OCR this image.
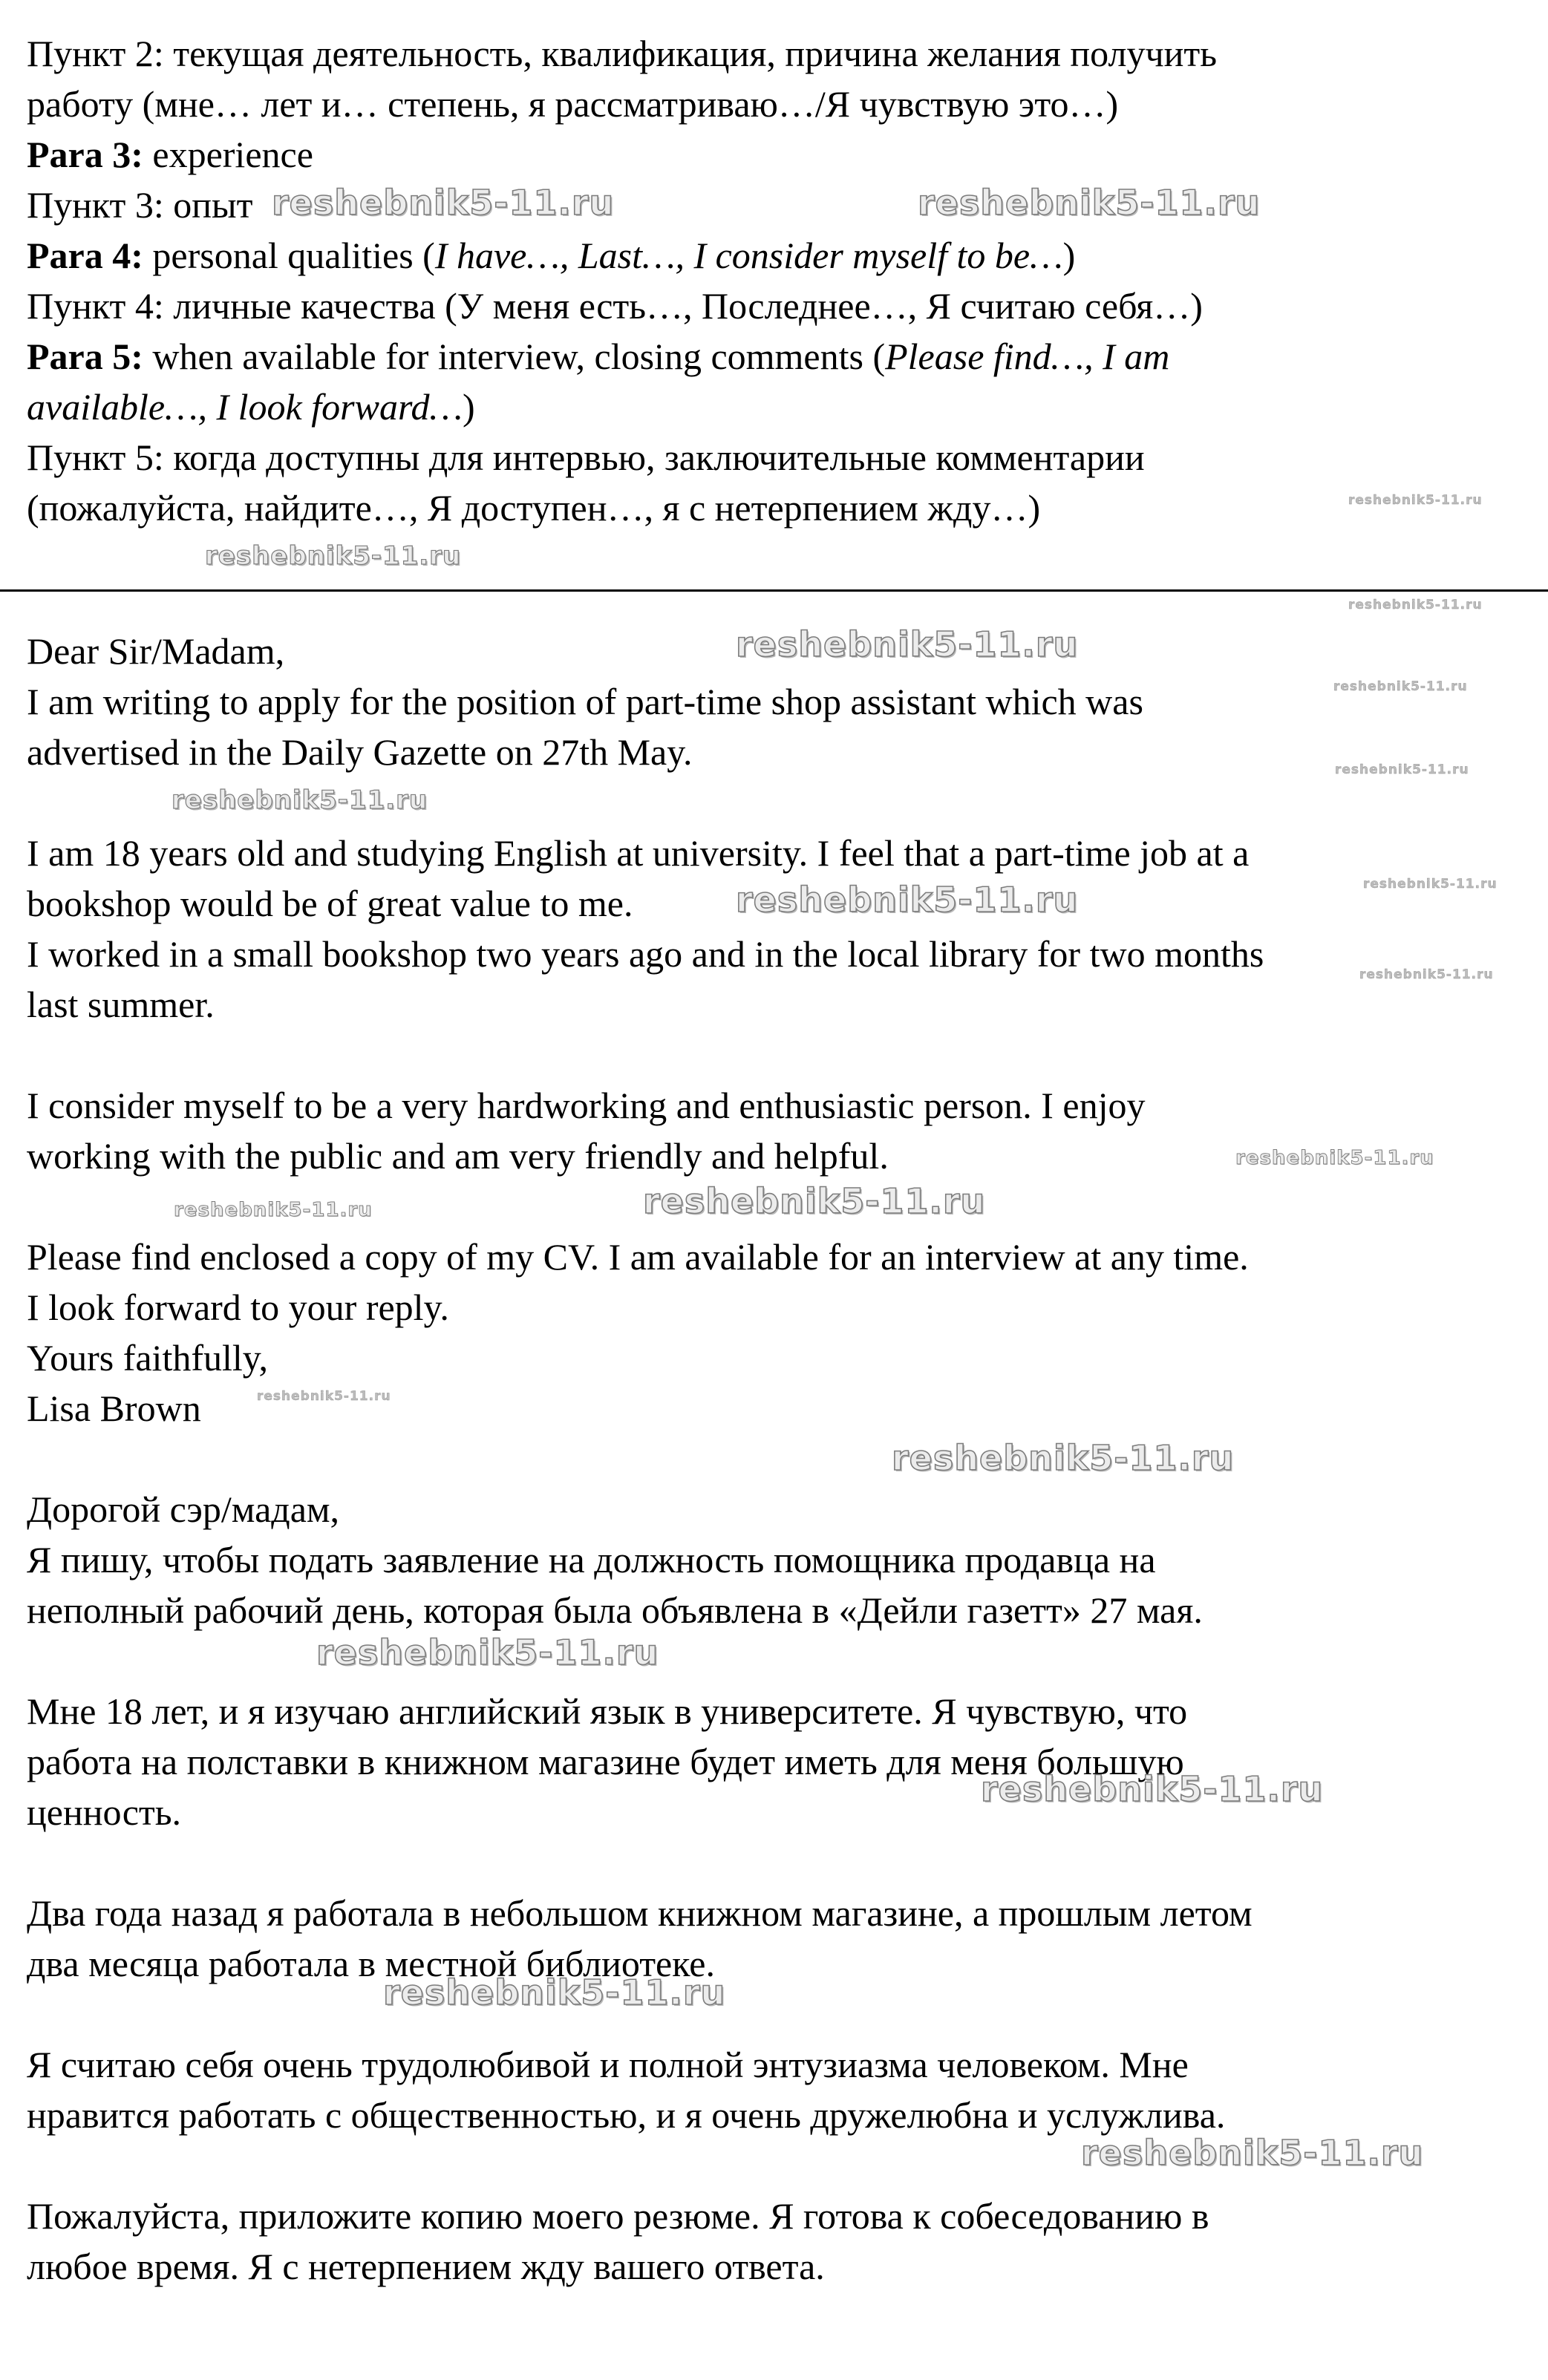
Пункт 2: текущая деятельность, квалификация, причина желания получить
работу (мне… лет и… степень, я рассматриваю…/Я чувствую это…)
Para 3: experience
Пункт 3: опыт reshebnik5-11.ru	reshebnik5-11.ru
Para 4: personal qualities (I have…, Last…, I consider myself to be…)
Пункт 4: личные качества (У меня есть…, Последнее…, Я считаю себя…)
Para 5: when available for interview, closing comments (Please find…, I am
available…, I look forward…)
Пункт 5: когда доступны для интервью, заключительные комментарии
(пожалуйста, найдите…, Я доступен…, я с нетерпением жду…)	reshebnik5-11.ru
reshebnik5-11.ru
reshebnik5-11.ru
Dear Sir/Madam,	reshebnik5-11.ru
I am writing to apply for the position of part-time shop assistant which was	reshebnik5-11.ru
advertised in the Daily Gazette on 27th May.	reshebnik5-11.ru
reshebnik5-11.ru
I am 18 years old and studying English at university. I feel that a part-time job at a
bookshop would be of great value to me.	reshebnik5-11.ru
reshebnik5-11.ru
I worked in a small bookshop two years ago and in the local library for two months
last summer.
reshebnik5-11.ru
I consider myself to be a very hardworking and enthusiastic person. I enjoy
working with the public and am very friendly and helpful.	reshebnik5-11.ru
reshebnik5-11.ru	reshebnik5-11.ru
Please find enclosed a copy of my CV. I am available for an interview at any time.
I look forward to your reply.
Yours faithfully,
Lisa Brown	reshebnik5-11.ru
reshebnik5-11.ru
Дорогой сэр/мадам,
Я пишу, чтобы подать заявление на должность помощника продавца на
неполный рабочий день, которая была объявлена в «Дейли газетт» 27 мая.
reshebnik5-11.ru
Мне 18 лет, и я изучаю английский язык в университете. Я чувствую, что
работа на полставки в книжном магазине будет иметь для меня большую
ценность.
reshebnik5-11.ru
Два года назад я работала в небольшом книжном магазине, а прошлым летом
два месяца работала в местной библиотеке.
reshebnik5-11.ru
Я считаю себя очень трудолюбивой и полной энтузиазма человеком. Мне
нравится работать с общественностью, и я очень дружелюбна и услужлива.
reshebnik5-11.ru
Пожалуйста, приложите копию моего резюме. Я готова к собеседованию в
любое время. Я с нетерпением жду вашего ответа.
